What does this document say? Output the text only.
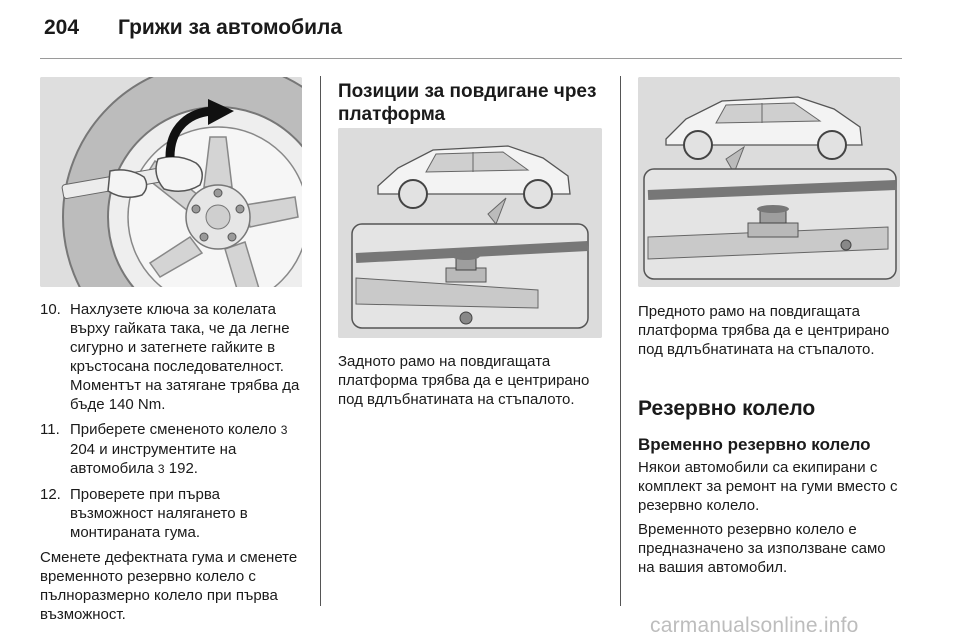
204 Грижи за автомобила
10. Нахлузете ключа за колелата върху гайката така, че да легне сигурно и затегнете гайките в кръстосана последователност. Моментът на затягане трябва да бъде 140 Nm.

11. Приберете смененото колело 3 204 и инструментите на автомобила 3 192.

12. Проверете при първа възможност налягането в монтираната гума.

Сменете дефектната гума и сменете временното резервно колело с пълноразмерно колело при първа възможност.

Позиции за повдигане чрез платформа

Задното рамо на повдигащата платформа трябва да е центрирано под вдлъбнатината на стъпалото.

Предното рамо на повдигащата платформа трябва да е центрирано под вдлъбнатината на стъпалото.

Резервно колело
Временно резервно колело

Някои автомобили са екипирани с комплект за ремонт на гуми вместо с резервно колело.

Временното резервно колело е предназначено за използване само на вашия автомобил.

carmanualsonline.info
